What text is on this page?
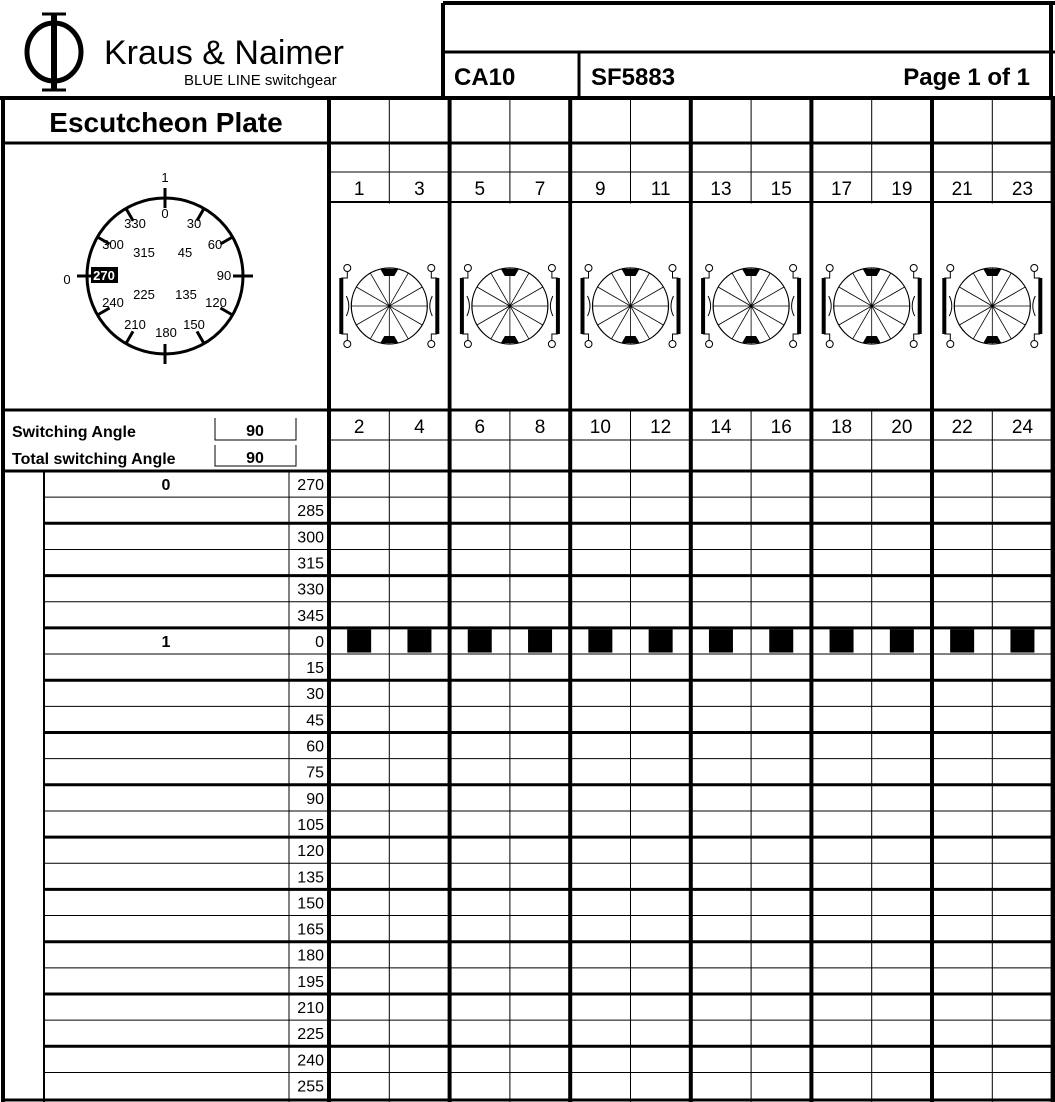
Kraus & Naimer
BLUE LINE switchgear	CA10	SF5883	Page 1 of 1
Escutcheon Plate
Switching Angle	90
Total switching Angle	90
1
0 270
330
0
30
300
315 45
60
90
240
225 135
120
210
180
150
1	3	5	7	9 11 13 15 17 19 21 23
2	4	6	8 10 12 14 16 18 20 22 24
0	270
285
300
315
330
345
1	0
15
30
45
60
75
90
105
120
135
150
165
180
195
210
225
240
255
